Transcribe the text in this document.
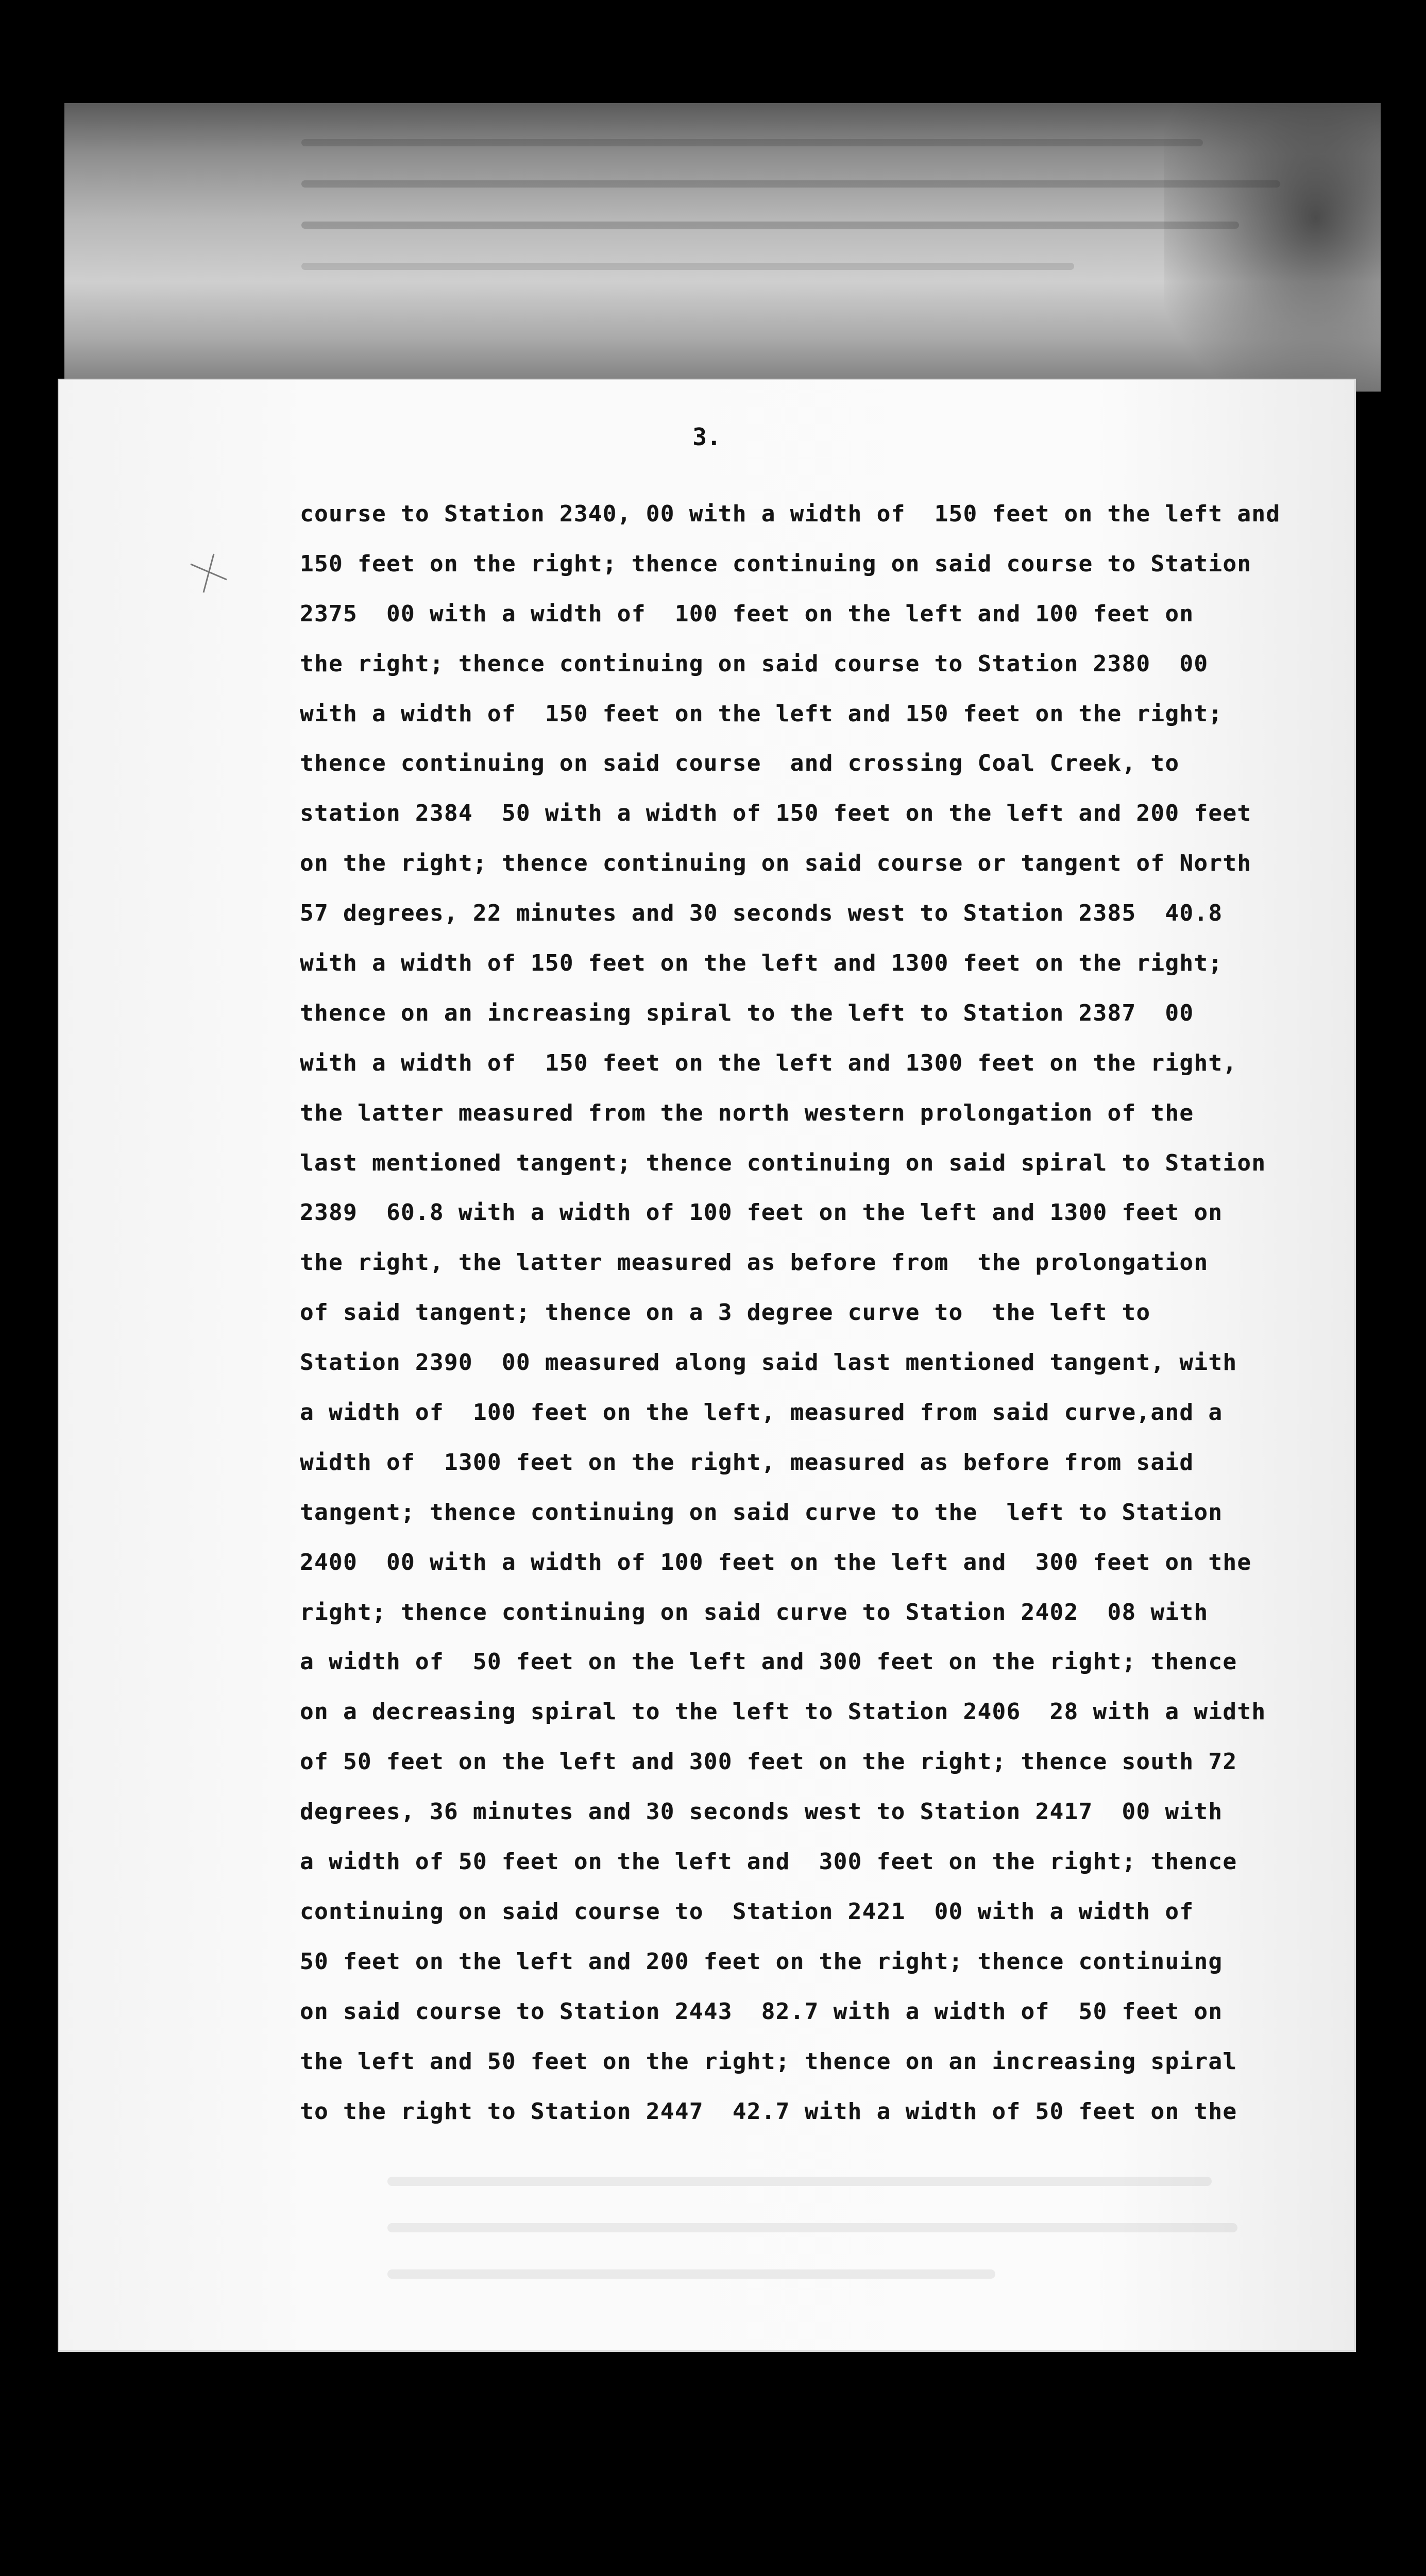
3.
course to Station 2340, 00 with a width of  150 feet on the left and
150 feet on the right; thence continuing on said course to Station
2375  00 with a width of  100 feet on the left and 100 feet on
the right; thence continuing on said course to Station 2380  00
with a width of  150 feet on the left and 150 feet on the right;
thence continuing on said course  and crossing Coal Creek, to
station 2384  50 with a width of 150 feet on the left and 200 feet
on the right; thence continuing on said course or tangent of North
57 degrees, 22 minutes and 30 seconds west to Station 2385  40.8
with a width of 150 feet on the left and 1300 feet on the right;
thence on an increasing spiral to the left to Station 2387  00
with a width of  150 feet on the left and 1300 feet on the right,
the latter measured from the north western prolongation of the
last mentioned tangent; thence continuing on said spiral to Station
2389  60.8 with a width of 100 feet on the left and 1300 feet on
the right, the latter measured as before from  the prolongation
of said tangent; thence on a 3 degree curve to  the left to
Station 2390  00 measured along said last mentioned tangent, with
a width of  100 feet on the left, measured from said curve,and a
width of  1300 feet on the right, measured as before from said
tangent; thence continuing on said curve to the  left to Station
2400  00 with a width of 100 feet on the left and  300 feet on the
right; thence continuing on said curve to Station 2402  08 with
a width of  50 feet on the left and 300 feet on the right; thence
on a decreasing spiral to the left to Station 2406  28 with a width
of 50 feet on the left and 300 feet on the right; thence south 72
degrees, 36 minutes and 30 seconds west to Station 2417  00 with
a width of 50 feet on the left and  300 feet on the right; thence
continuing on said course to  Station 2421  00 with a width of
50 feet on the left and 200 feet on the right; thence continuing
on said course to Station 2443  82.7 with a width of  50 feet on
the left and 50 feet on the right; thence on an increasing spiral
to the right to Station 2447  42.7 with a width of 50 feet on the
